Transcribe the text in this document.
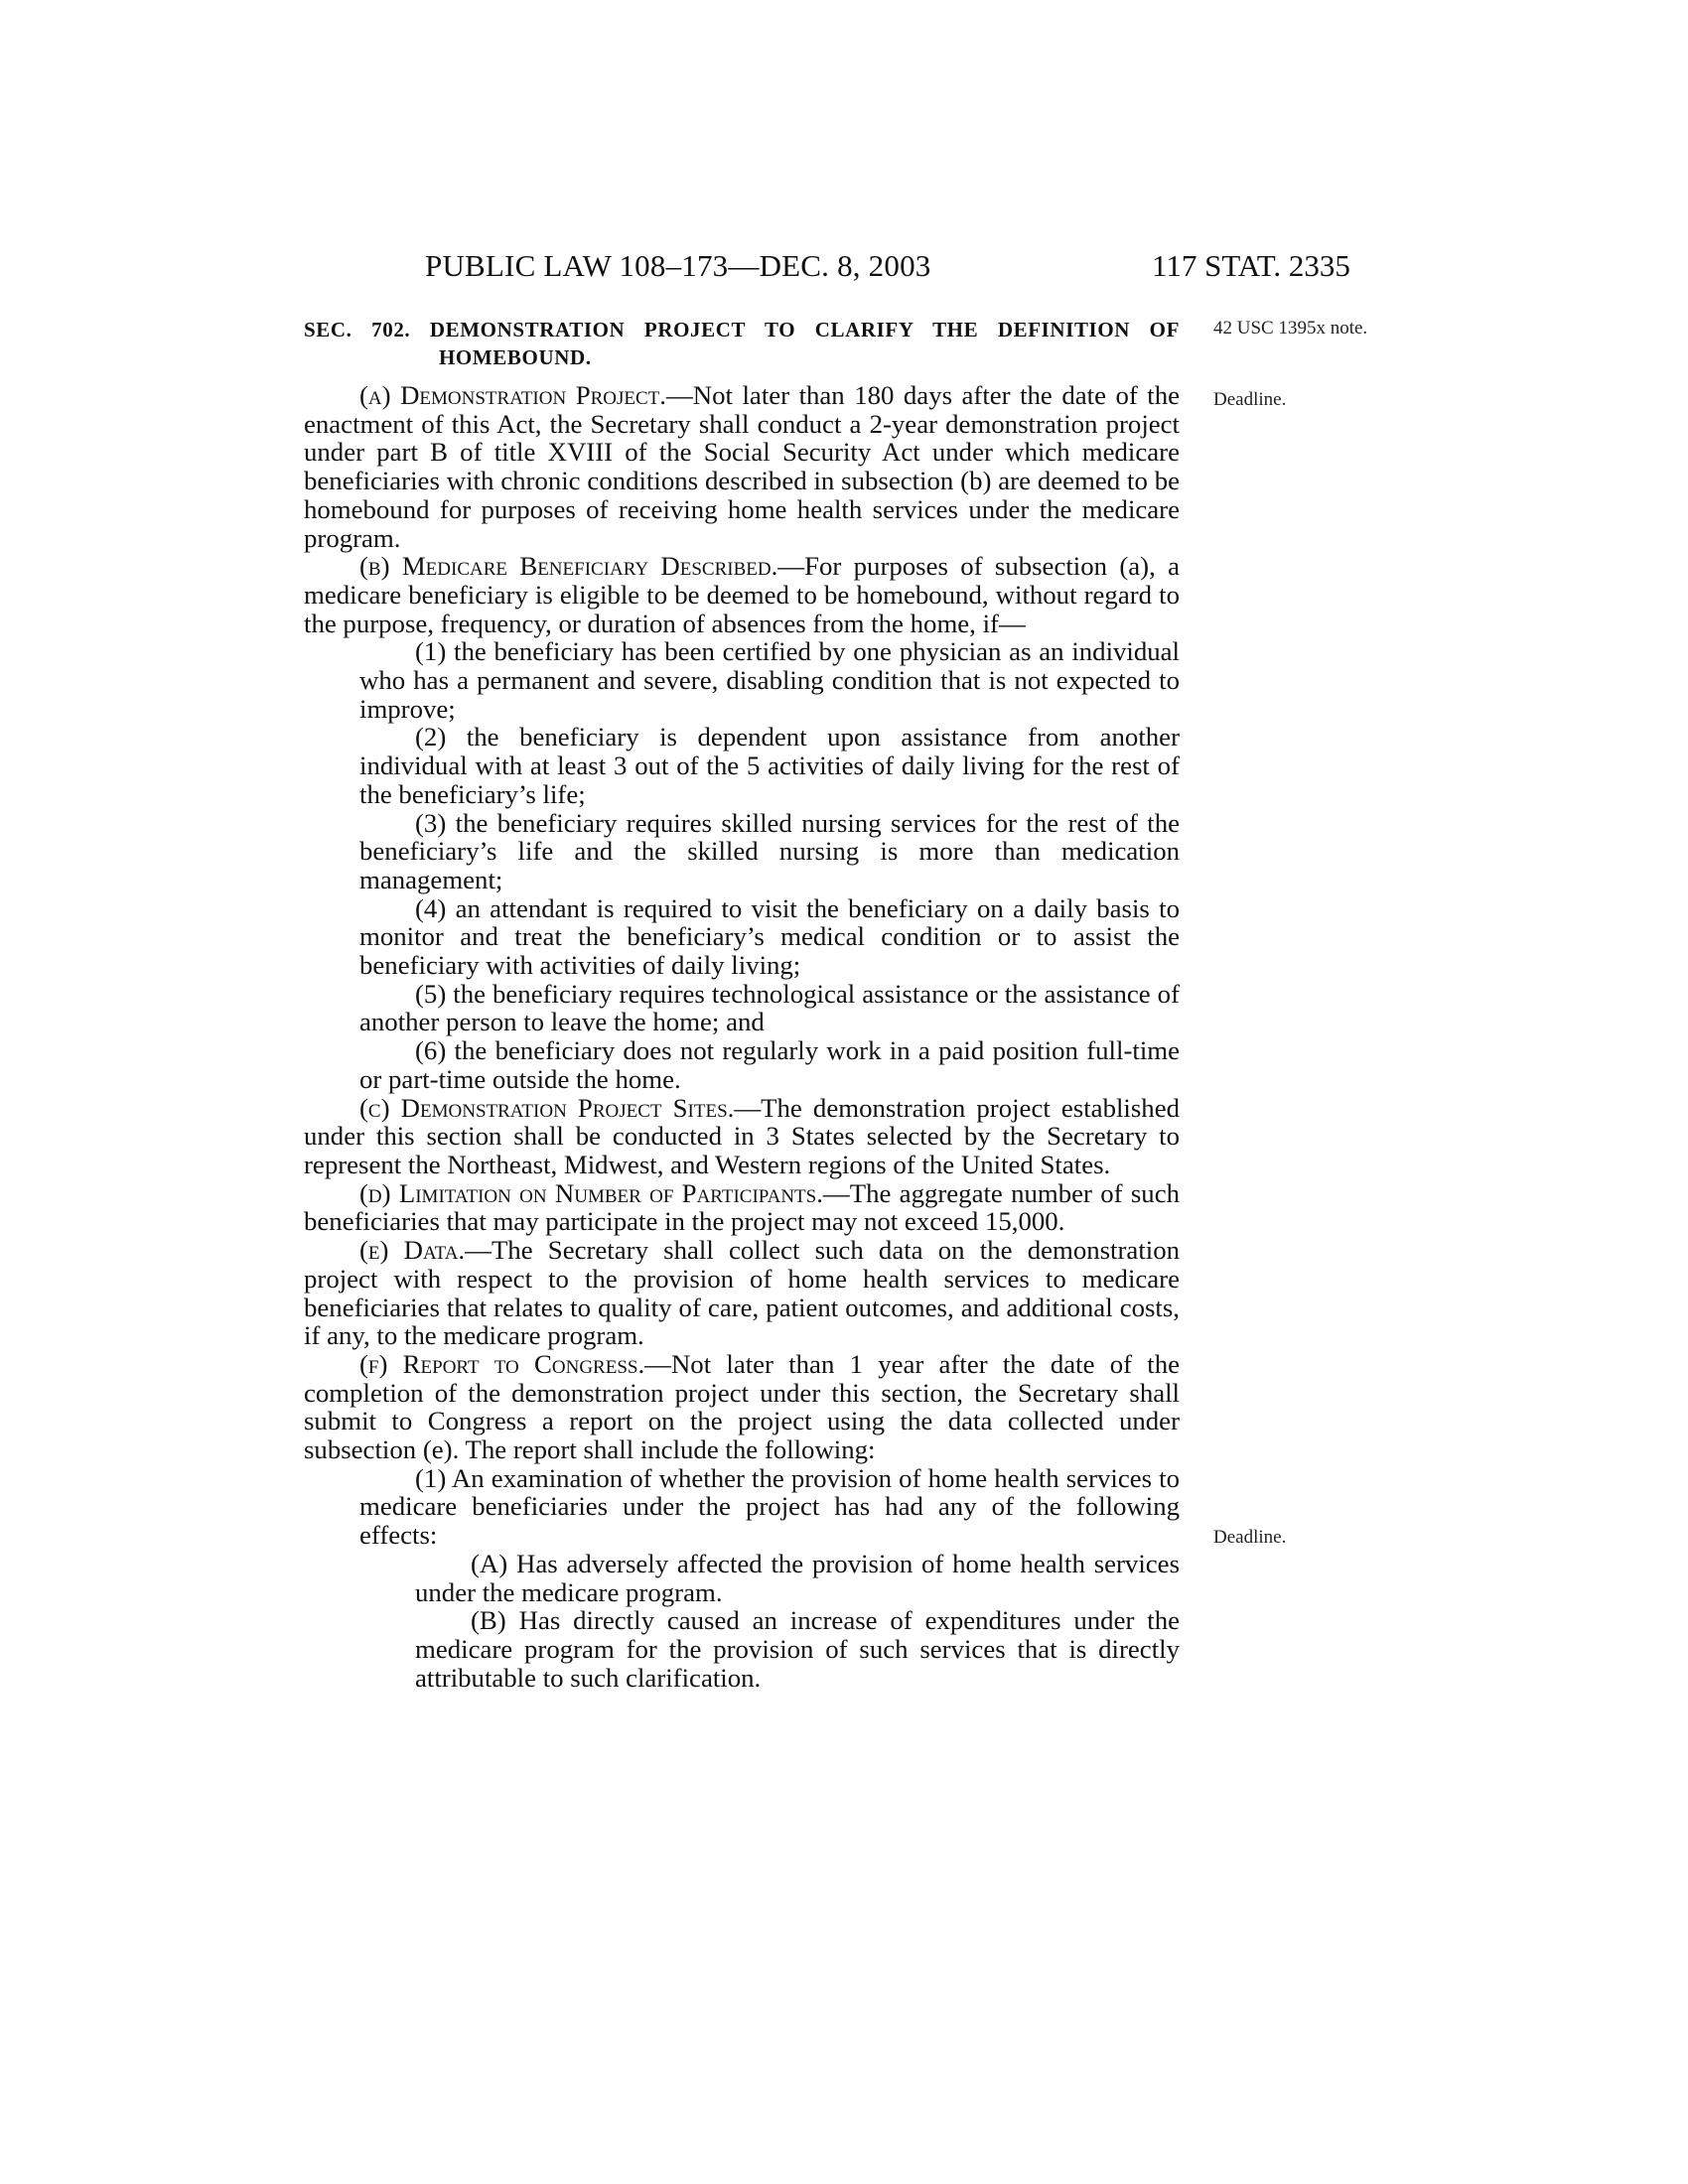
PUBLIC LAW 108–173—DEC. 8, 2003	117 STAT. 2335
42 USC 1395x note.
Deadline.
Deadline.
SEC. 702. DEMONSTRATION PROJECT TO CLARIFY THE DEFINITION OF HOMEBOUND.

(a) Demonstration Project.—Not later than 180 days after the date of the enactment of this Act, the Secretary shall conduct a 2-year demonstration project under part B of title XVIII of the Social Security Act under which medicare beneficiaries with chronic conditions described in subsection (b) are deemed to be homebound for purposes of receiving home health services under the medicare program.

(b) Medicare Beneficiary Described.—For purposes of subsection (a), a medicare beneficiary is eligible to be deemed to be homebound, without regard to the purpose, frequency, or duration of absences from the home, if—

(1) the beneficiary has been certified by one physician as an individual who has a permanent and severe, disabling condition that is not expected to improve;

(2) the beneficiary is dependent upon assistance from another individual with at least 3 out of the 5 activities of daily living for the rest of the beneficiary’s life;

(3) the beneficiary requires skilled nursing services for the rest of the beneficiary’s life and the skilled nursing is more than medication management;

(4) an attendant is required to visit the beneficiary on a daily basis to monitor and treat the beneficiary’s medical condition or to assist the beneficiary with activities of daily living;

(5) the beneficiary requires technological assistance or the assistance of another person to leave the home; and

(6) the beneficiary does not regularly work in a paid position full-time or part-time outside the home.

(c) Demonstration Project Sites.—The demonstration project established under this section shall be conducted in 3 States selected by the Secretary to represent the Northeast, Midwest, and Western regions of the United States.

(d) Limitation on Number of Participants.—The aggregate number of such beneficiaries that may participate in the project may not exceed 15,000.

(e) Data.—The Secretary shall collect such data on the demonstration project with respect to the provision of home health services to medicare beneficiaries that relates to quality of care, patient outcomes, and additional costs, if any, to the medicare program.

(f) Report to Congress.—Not later than 1 year after the date of the completion of the demonstration project under this section, the Secretary shall submit to Congress a report on the project using the data collected under subsection (e). The report shall include the following:

(1) An examination of whether the provision of home health services to medicare beneficiaries under the project has had any of the following effects:

(A) Has adversely affected the provision of home health services under the medicare program.

(B) Has directly caused an increase of expenditures under the medicare program for the provision of such services that is directly attributable to such clarification.
